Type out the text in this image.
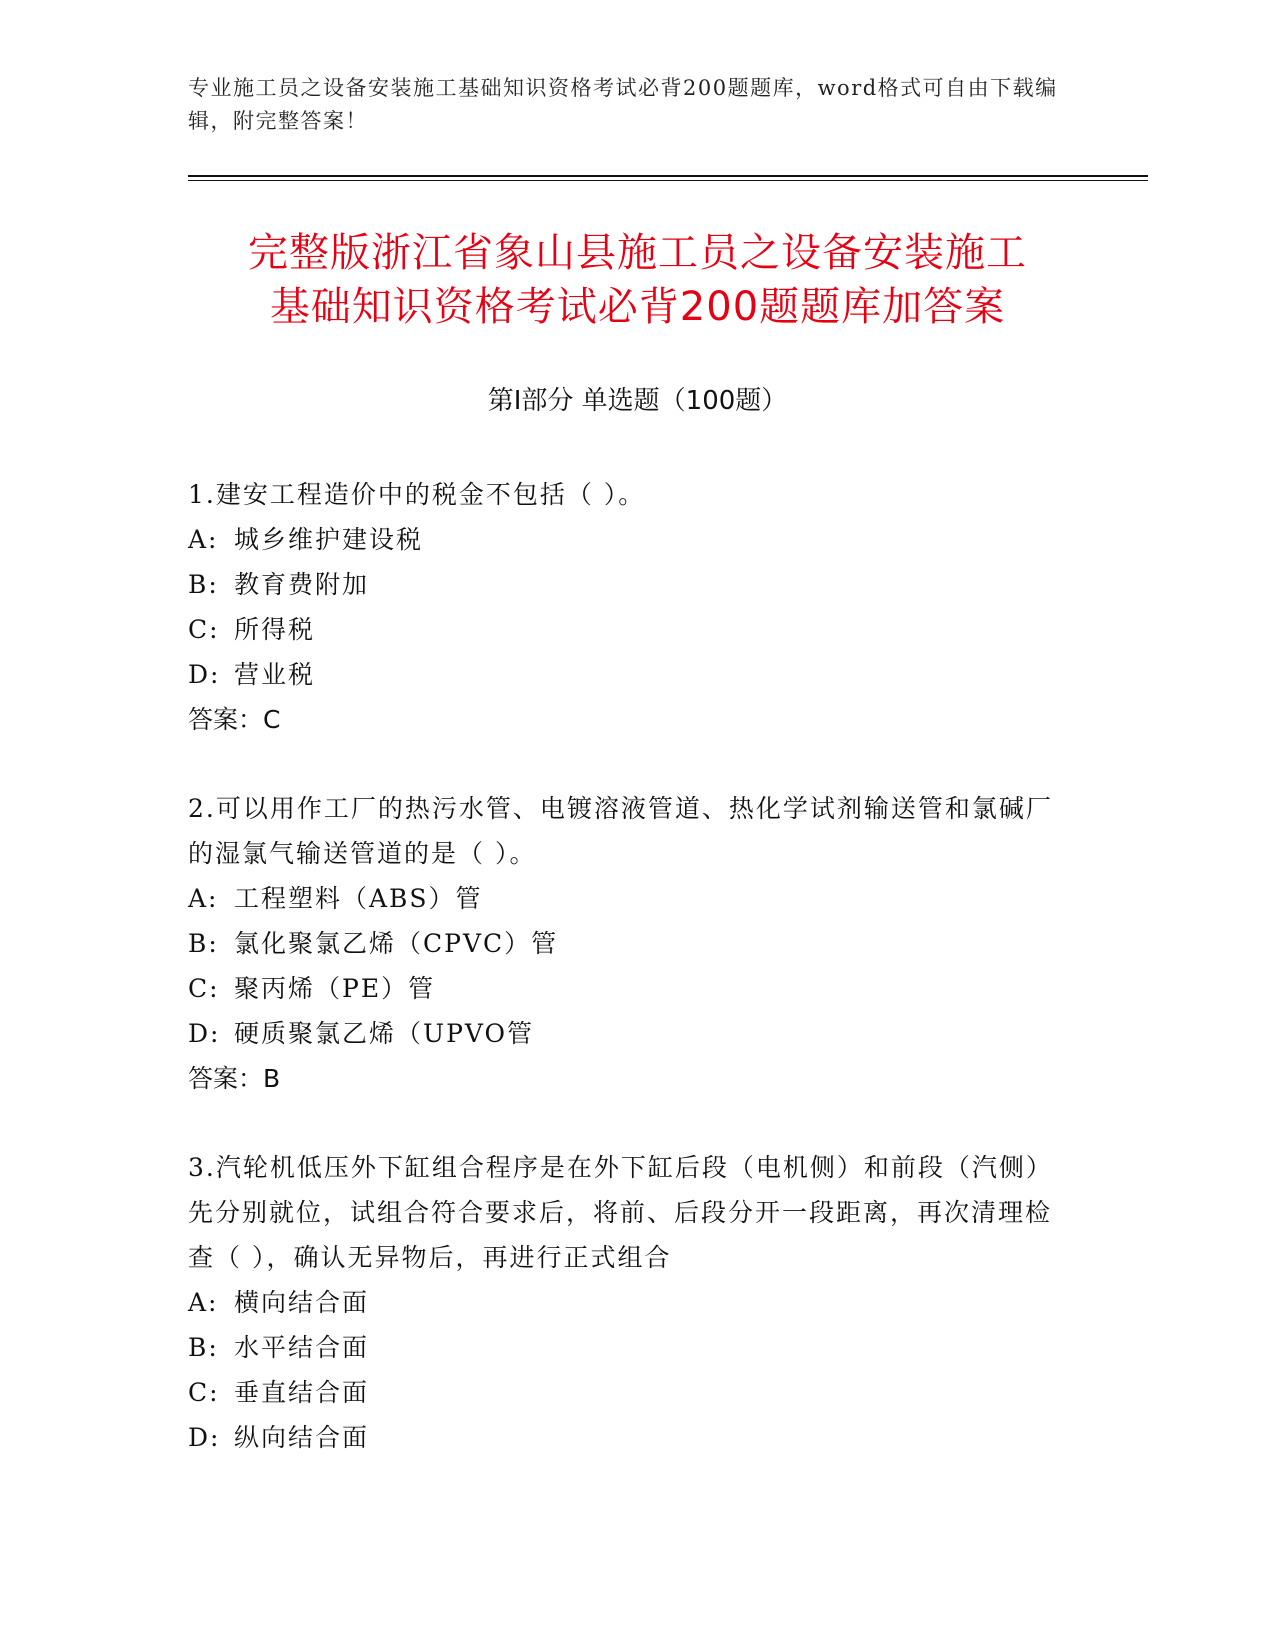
专业施工员之设备安装施工基础知识资格考试必背200题题库，word格式可自由下载编辑，附完整答案！
完整版浙江省象山县施工员之设备安装施工
基础知识资格考试必背200题题库加答案
第Ⅰ部分 单选题（100题）

1.建安工程造价中的税金不包括（ ）。

A: 城乡维护建设税

B: 教育费附加

C: 所得税

D: 营业税

答案：C

2.可以用作工厂的热污水管、电镀溶液管道、热化学试剂输送管和氯碱厂的湿氯气输送管道的是（ ）。

A: 工程塑料（ABS）管

B: 氯化聚氯乙烯（CPVC）管

C: 聚丙烯（PE）管

D: 硬质聚氯乙烯（UPVO管

答案：B

3.汽轮机低压外下缸组合程序是在外下缸后段（电机侧）和前段（汽侧）先分别就位，试组合符合要求后，将前、后段分开一段距离，再次清理检查（ ），确认无异物后，再进行正式组合

A: 横向结合面

B: 水平结合面

C: 垂直结合面

D: 纵向结合面
